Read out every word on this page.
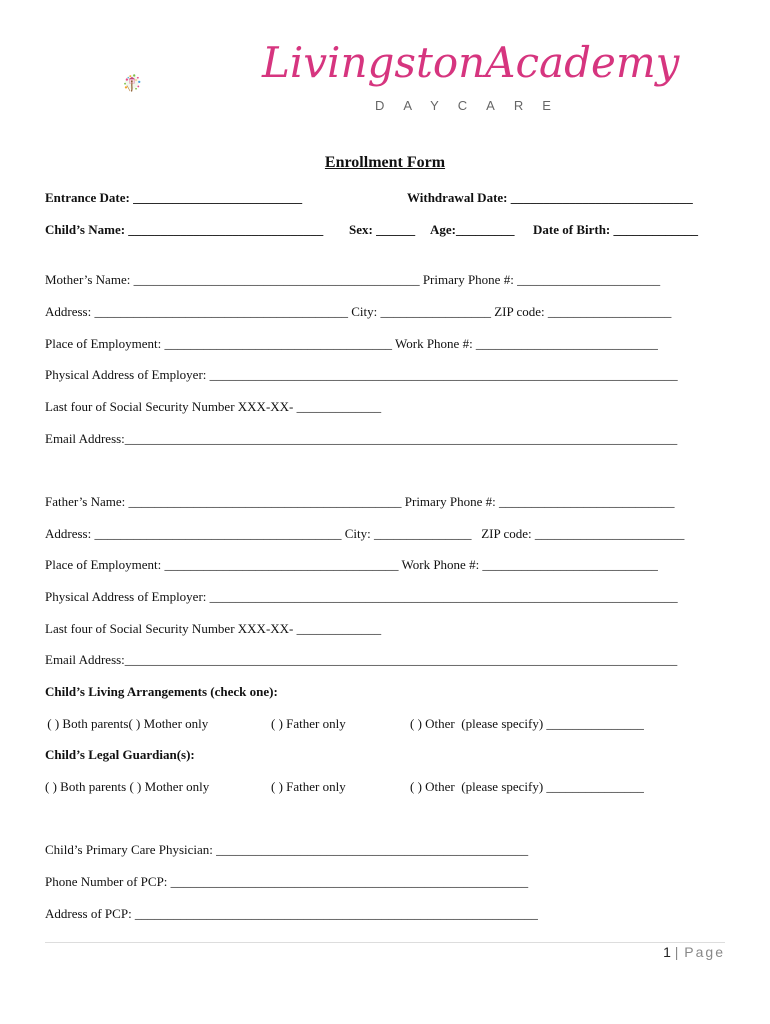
LivingstonAcademy
DAYCARE
Enrollment Form
Entrance Date: __________________________	Withdrawal Date: ____________________________
Child’s Name: ______________________________ Sex: ______ Age:_________ Date of Birth: _____________
Mother’s Name: ____________________________________________ Primary Phone #: ______________________
Address: _______________________________________ City: _________________ ZIP code: ___________________
Place of Employment: ___________________________________ Work Phone #: ____________________________
Physical Address of Employer: ________________________________________________________________________
Last four of Social Security Number XXX-XX- _____________
Email Address:_____________________________________________________________________________________
Father’s Name: __________________________________________ Primary Phone #: ___________________________
Address: ______________________________________ City: _______________   ZIP code: _______________________
Place of Employment: ____________________________________ Work Phone #: ___________________________
Physical Address of Employer: ________________________________________________________________________
Last four of Social Security Number XXX-XX- _____________
Email Address:_____________________________________________________________________________________
Child’s Living Arrangements (check one):
( ) Both parents( ) Mother only	( ) Father only	( ) Other  (please specify) _______________
Child’s Legal Guardian(s):
( ) Both parents ( ) Mother only	( ) Father only	( ) Other  (please specify) _______________
Child’s Primary Care Physician: ________________________________________________
Phone Number of PCP: _______________________________________________________
Address of PCP: ______________________________________________________________
1 | Page
